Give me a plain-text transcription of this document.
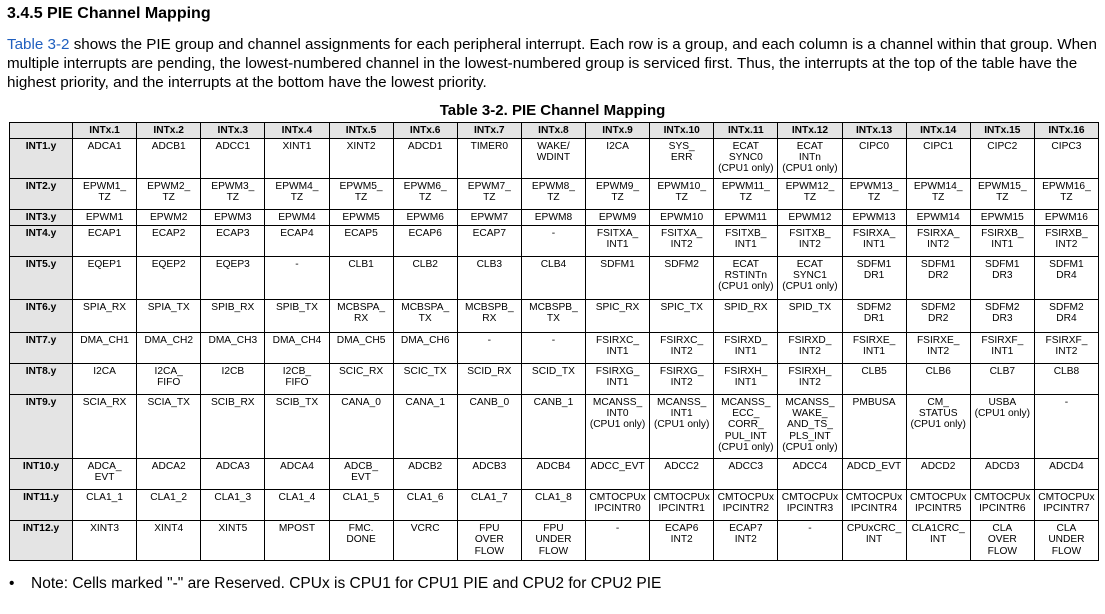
3.4.5 PIE Channel Mapping
Table 3-2 shows the PIE group and channel assignments for each peripheral interrupt. Each row is a group, and each column is a channel within that group. When multiple interrupts are pending, the lowest-numbered channel in the lowest-numbered group is serviced first. Thus, the interrupts at the top of the table have the highest priority, and the interrupts at the bottom have the lowest priority.
Table 3-2. PIE Channel Mapping
	INTx.1	INTx.2	INTx.3	INTx.4	INTx.5	INTx.6	INTx.7	INTx.8	INTx.9	INTx.10	INTx.11	INTx.12	INTx.13	INTx.14	INTx.15	INTx.16
INT1.y	ADCA1	ADCB1	ADCC1	XINT1	XINT2	ADCD1	TIMER0	WAKE/
WDINT	I2CA	SYS_
ERR	ECAT
SYNC0
(CPU1 only)	ECAT
INTn
(CPU1 only)	CIPC0	CIPC1	CIPC2	CIPC3
INT2.y	EPWM1_
TZ	EPWM2_
TZ	EPWM3_
TZ	EPWM4_
TZ	EPWM5_
TZ	EPWM6_
TZ	EPWM7_
TZ	EPWM8_
TZ	EPWM9_
TZ	EPWM10_
TZ	EPWM11_
TZ	EPWM12_
TZ	EPWM13_
TZ	EPWM14_
TZ	EPWM15_
TZ	EPWM16_
TZ
INT3.y	EPWM1	EPWM2	EPWM3	EPWM4	EPWM5	EPWM6	EPWM7	EPWM8	EPWM9	EPWM10	EPWM11	EPWM12	EPWM13	EPWM14	EPWM15	EPWM16
INT4.y	ECAP1	ECAP2	ECAP3	ECAP4	ECAP5	ECAP6	ECAP7	-	FSITXA_
INT1	FSITXA_
INT2	FSITXB_
INT1	FSITXB_
INT2	FSIRXA_
INT1	FSIRXA_
INT2	FSIRXB_
INT1	FSIRXB_
INT2
INT5.y	EQEP1	EQEP2	EQEP3	-	CLB1	CLB2	CLB3	CLB4	SDFM1	SDFM2	ECAT
RSTINTn
(CPU1 only)	ECAT
SYNC1
(CPU1 only)	SDFM1
DR1	SDFM1
DR2	SDFM1
DR3	SDFM1
DR4
INT6.y	SPIA_RX	SPIA_TX	SPIB_RX	SPIB_TX	MCBSPA_
RX	MCBSPA_
TX	MCBSPB_
RX	MCBSPB_
TX	SPIC_RX	SPIC_TX	SPID_RX	SPID_TX	SDFM2
DR1	SDFM2
DR2	SDFM2
DR3	SDFM2
DR4
INT7.y	DMA_CH1	DMA_CH2	DMA_CH3	DMA_CH4	DMA_CH5	DMA_CH6	-	-	FSIRXC_
INT1	FSIRXC_
INT2	FSIRXD_
INT1	FSIRXD_
INT2	FSIRXE_
INT1	FSIRXE_
INT2	FSIRXF_
INT1	FSIRXF_
INT2
INT8.y	I2CA	I2CA_
FIFO	I2CB	I2CB_
FIFO	SCIC_RX	SCIC_TX	SCID_RX	SCID_TX	FSIRXG_
INT1	FSIRXG_
INT2	FSIRXH_
INT1	FSIRXH_
INT2	CLB5	CLB6	CLB7	CLB8
INT9.y	SCIA_RX	SCIA_TX	SCIB_RX	SCIB_TX	CANA_0	CANA_1	CANB_0	CANB_1	MCANSS_
INT0
(CPU1 only)	MCANSS_
INT1
(CPU1 only)	MCANSS_
ECC_
CORR_
PUL_INT
(CPU1 only)	MCANSS_
WAKE_
AND_TS_
PLS_INT
(CPU1 only)	PMBUSA	CM_
STATUS
(CPU1 only)	USBA
(CPU1 only)	-
INT10.y	ADCA_
EVT	ADCA2	ADCA3	ADCA4	ADCB_
EVT	ADCB2	ADCB3	ADCB4	ADCC_EVT	ADCC2	ADCC3	ADCC4	ADCD_EVT	ADCD2	ADCD3	ADCD4
INT11.y	CLA1_1	CLA1_2	CLA1_3	CLA1_4	CLA1_5	CLA1_6	CLA1_7	CLA1_8	CMTOCPUx
IPCINTR0	CMTOCPUx
IPCINTR1	CMTOCPUx
IPCINTR2	CMTOCPUx
IPCINTR3	CMTOCPUx
IPCINTR4	CMTOCPUx
IPCINTR5	CMTOCPUx
IPCINTR6	CMTOCPUx
IPCINTR7
INT12.y	XINT3	XINT4	XINT5	MPOST	FMC.
DONE	VCRC	FPU
OVER
FLOW	FPU
UNDER
FLOW	-	ECAP6
INT2	ECAP7
INT2	-	CPUxCRC_
INT	CLA1CRC_
INT	CLA
OVER
FLOW	CLA
UNDER
FLOW
• Note: Cells marked "-" are Reserved. CPUx is CPU1 for CPU1 PIE and CPU2 for CPU2 PIE
